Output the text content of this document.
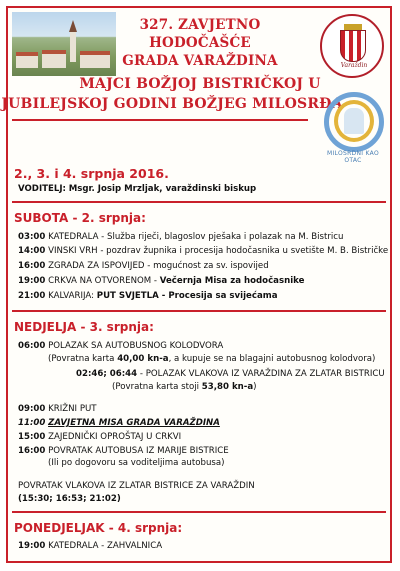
Varaždin
327. ZAVJETNO
HODOČAŠĆE
GRADA VARAŽDINA
MAJCI BOŽJOJ BISTRIČKOJ U
JUBILEJSKOJ GODINI BOŽJEG MILOSRĐA
MILOSRDNI KAO OTAC
2., 3. i 4. srpnja 2016.
VODITELJ: Msgr. Josip Mrzljak, varaždinski biskup
SUBOTA - 2. srpnja:
03:00 KATEDRALA - Služba riječi, blagoslov pješaka i polazak na M. Bistricu
14:00 VINSKI VRH - pozdrav župnika i procesija hodočasnika u svetište M. B. Bistričke
16:00 ZGRADA ZA ISPOVIJED - mogućnost za sv. ispovijed
19:00 CRKVA NA OTVORENOM - Večernja Misa za hodočasnike
21:00 KALVARIJA: PUT SVJETLA - Procesija sa svijećama
NEDJELJA - 3. srpnja:
06:00 POLAZAK SA AUTOBUSNOG KOLODVORA
(Povratna karta 40,00 kn-a, a kupuje se na blagajni autobusnog kolodvora)
02:46; 06:44 - POLAZAK VLAKOVA IZ VARAŽDINA ZA ZLATAR BISTRICU
(Povratna karta stoji 53,80 kn-a)
09:00 KRIŽNI PUT
11:00 ZAVJETNA MISA GRADA VARAŽDINA
15:00 ZAJEDNIČKI OPROŠTAJ U CRKVI
16:00 POVRATAK AUTOBUSA IZ MARIJE BISTRICE
(Ili po dogovoru sa voditeljima autobusa)
POVRATAK VLAKOVA IZ ZLATAR BISTRICE ZA VARAŽDIN
(15:30; 16:53; 21:02)
PONEDJELJAK - 4. srpnja:
19:00 KATEDRALA - ZAHVALNICA
